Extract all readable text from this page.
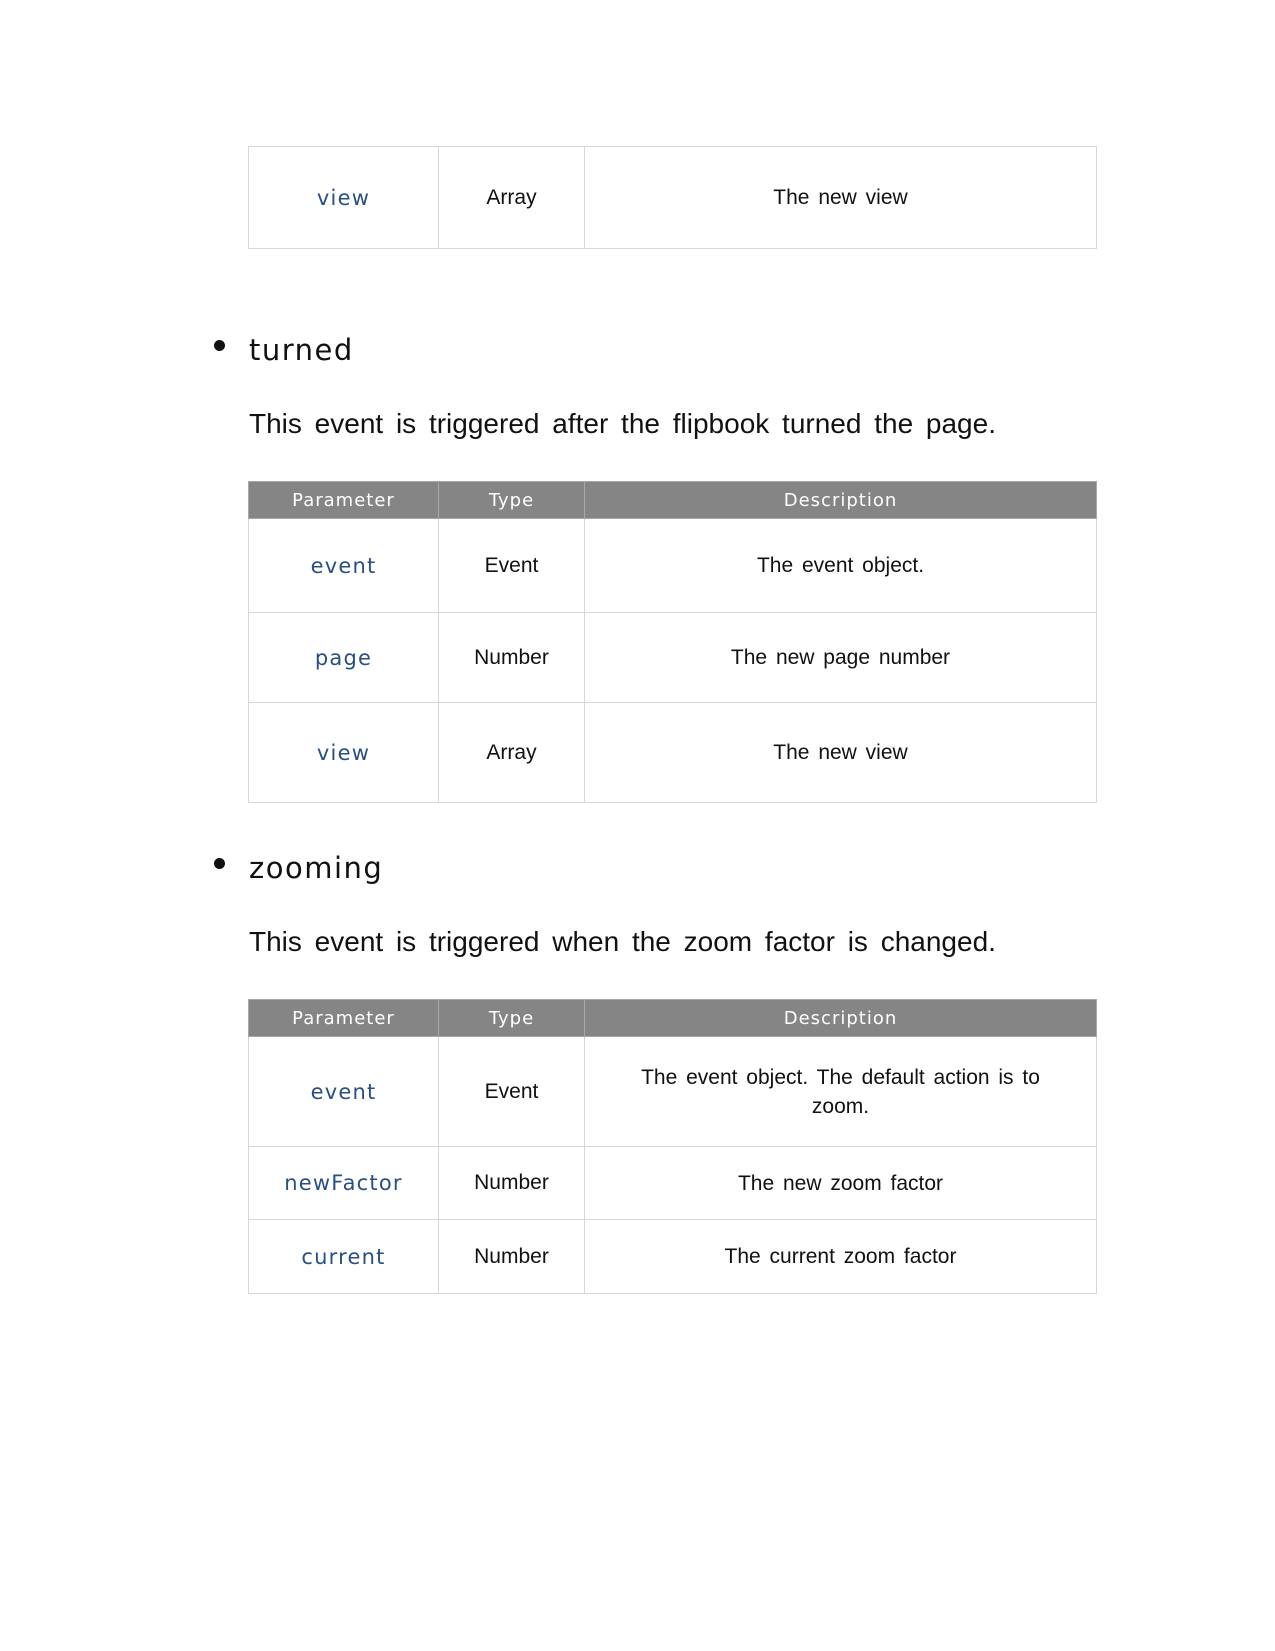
view	Array	The new view
turned

This event is triggered after the flipbook turned the page.

Parameter	Type	Description
event	Event	The event object.
page	Number	The new page number
view	Array	The new view
zooming

This event is triggered when the zoom factor is changed.

Parameter	Type	Description
event	Event	The event object. The default action is to zoom.
newFactor	Number	The new zoom factor
current	Number	The current zoom factor
